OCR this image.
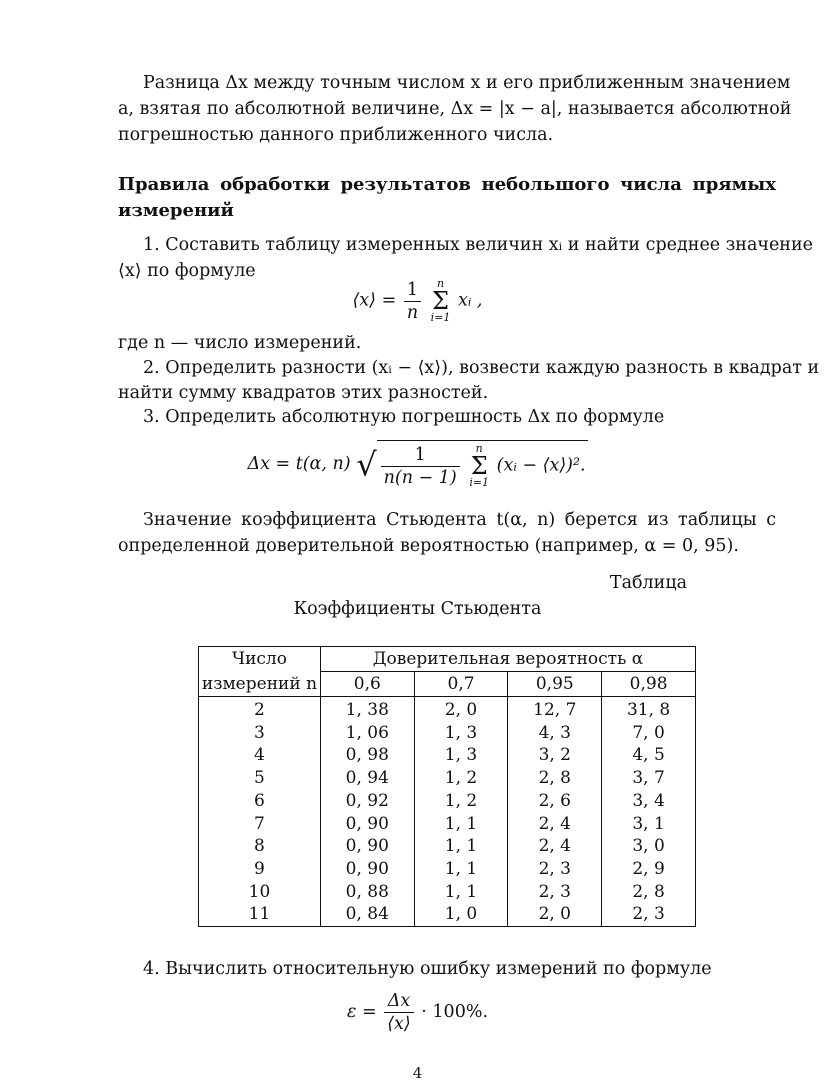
Разница Δx между точным числом x и его приближенным значением
a, взятая по абсолютной величине, Δx = |x − a|, называется абсолютной
погрешностью данного приближенного числа.
Правила обработки результатов небольшого числа прямых
измерений
1. Составить таблицу измеренных величин xᵢ и найти среднее значение
⟨x⟩ по формуле
⟨x⟩ = $\frac{1}{n}$
	n
Σ
i=1
xᵢ ,
где n — число измерений.
2. Определить разности (xᵢ − ⟨x⟩), возвести каждую разность в квадрат и
найти сумму квадратов этих разностей.
3. Определить абсолютную погрешность Δx по формуле
Δx = t(α, n) √ $\frac{1}{n(n - 1)}$
	n
Σ
i=1
(xᵢ − ⟨x⟩)².
Значение коэффициента Стьюдента t(α, n) берется из таблицы с
определенной доверительной вероятностью (например, α = 0, 95).
Таблица
Коэффициенты Стьюдента
Число	Доверительная вероятность α			
измерений n	0,6	0,7	0,95	0,98
2	1, 38	2, 0	12, 7	31, 8
3	1, 06	1, 3	4, 3	7, 0
4	0, 98	1, 3	3, 2	4, 5
5	0, 94	1, 2	2, 8	3, 7
6	0, 92	1, 2	2, 6	3, 4
7	0, 90	1, 1	2, 4	3, 1
8	0, 90	1, 1	2, 4	3, 0
9	0, 90	1, 1	2, 3	2, 9
10	0, 88	1, 1	2, 3	2, 8
11	0, 84	1, 0	2, 0	2, 3
4. Вычислить относительную ошибку измерений по формуле
$\varepsilon = \frac{\Delta x}{⟨x⟩} \cdot 100\%$.
4
